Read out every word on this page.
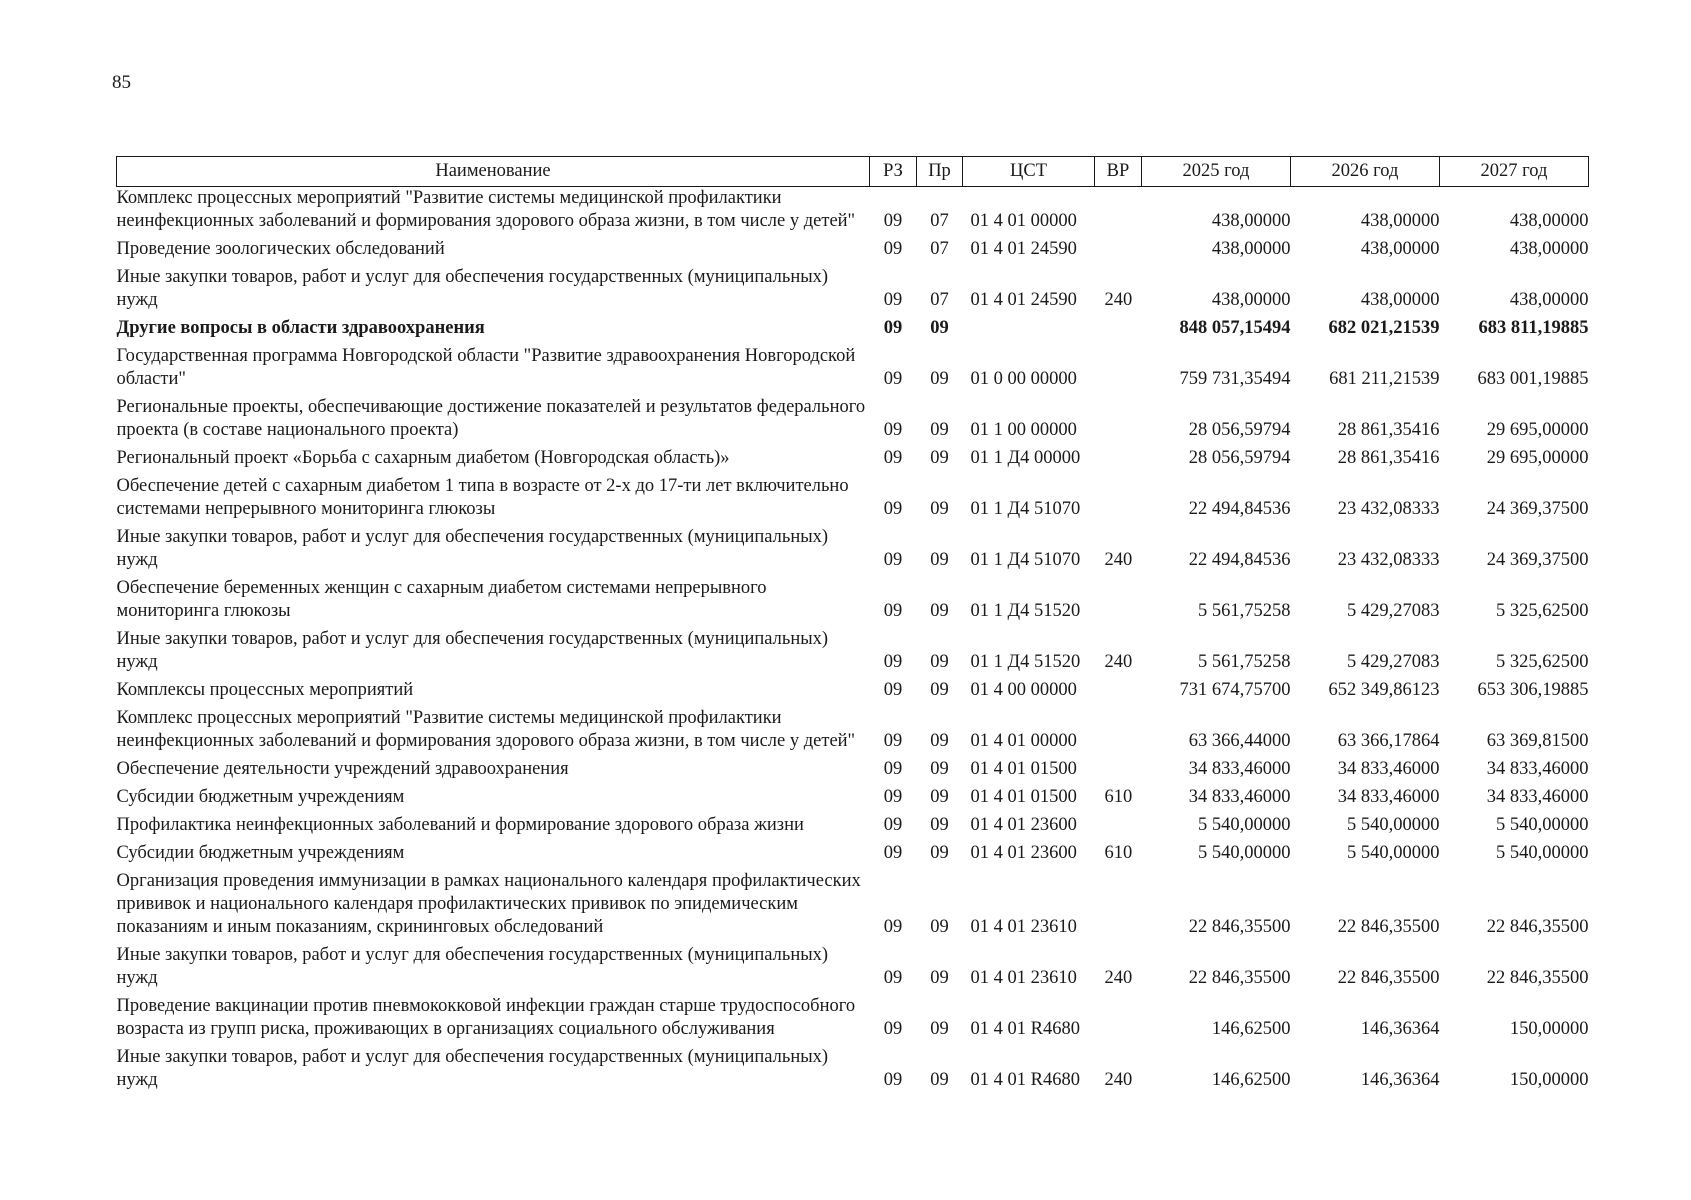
85
Наименование	РЗ	Пр	ЦСТ	ВР	2025 год	2026 год	2027 год
Комплекс процессных мероприятий "Развитие системы медицинской профилактики неинфекционных заболеваний и формирования здорового образа жизни, в том числе у детей"	09	07	01 4 01 00000		438,00000	438,00000	438,00000
Проведение зоологических обследований	09	07	01 4 01 24590		438,00000	438,00000	438,00000
Иные закупки товаров, работ и услуг для обеспечения государственных (муниципальных) нужд	09	07	01 4 01 24590	240	438,00000	438,00000	438,00000
Другие вопросы в области здравоохранения	09	09			848 057,15494	682 021,21539	683 811,19885
Государственная программа Новгородской области "Развитие здравоохранения Новгородской области"	09	09	01 0 00 00000		759 731,35494	681 211,21539	683 001,19885
Региональные проекты, обеспечивающие достижение показателей и результатов федерального проекта (в составе национального проекта)	09	09	01 1 00 00000		28 056,59794	28 861,35416	29 695,00000
Региональный проект «Борьба с сахарным диабетом (Новгородская область)»	09	09	01 1 Д4 00000		28 056,59794	28 861,35416	29 695,00000
Обеспечение детей с сахарным диабетом 1 типа в возрасте от 2-х до 17-ти лет включительно системами непрерывного мониторинга глюкозы	09	09	01 1 Д4 51070		22 494,84536	23 432,08333	24 369,37500
Иные закупки товаров, работ и услуг для обеспечения государственных (муниципальных) нужд	09	09	01 1 Д4 51070	240	22 494,84536	23 432,08333	24 369,37500
Обеспечение беременных женщин с сахарным диабетом системами непрерывного мониторинга глюкозы	09	09	01 1 Д4 51520		5 561,75258	5 429,27083	5 325,62500
Иные закупки товаров, работ и услуг для обеспечения государственных (муниципальных) нужд	09	09	01 1 Д4 51520	240	5 561,75258	5 429,27083	5 325,62500
Комплексы процессных мероприятий	09	09	01 4 00 00000		731 674,75700	652 349,86123	653 306,19885
Комплекс процессных мероприятий "Развитие системы медицинской профилактики неинфекционных заболеваний и формирования здорового образа жизни, в том числе у детей"	09	09	01 4 01 00000		63 366,44000	63 366,17864	63 369,81500
Обеспечение деятельности учреждений здравоохранения	09	09	01 4 01 01500		34 833,46000	34 833,46000	34 833,46000
Субсидии бюджетным учреждениям	09	09	01 4 01 01500	610	34 833,46000	34 833,46000	34 833,46000
Профилактика неинфекционных заболеваний и формирование здорового образа жизни	09	09	01 4 01 23600		5 540,00000	5 540,00000	5 540,00000
Субсидии бюджетным учреждениям	09	09	01 4 01 23600	610	5 540,00000	5 540,00000	5 540,00000
Организация проведения иммунизации в рамках национального календаря профилактических прививок и национального календаря профилактических прививок по эпидемическим показаниям и иным показаниям, скрининговых обследований	09	09	01 4 01 23610		22 846,35500	22 846,35500	22 846,35500
Иные закупки товаров, работ и услуг для обеспечения государственных (муниципальных) нужд	09	09	01 4 01 23610	240	22 846,35500	22 846,35500	22 846,35500
Проведение вакцинации против пневмококковой инфекции граждан старше трудоспособного возраста из групп риска, проживающих в организациях социального обслуживания	09	09	01 4 01 R4680		146,62500	146,36364	150,00000
Иные закупки товаров, работ и услуг для обеспечения государственных (муниципальных) нужд	09	09	01 4 01 R4680	240	146,62500	146,36364	150,00000
